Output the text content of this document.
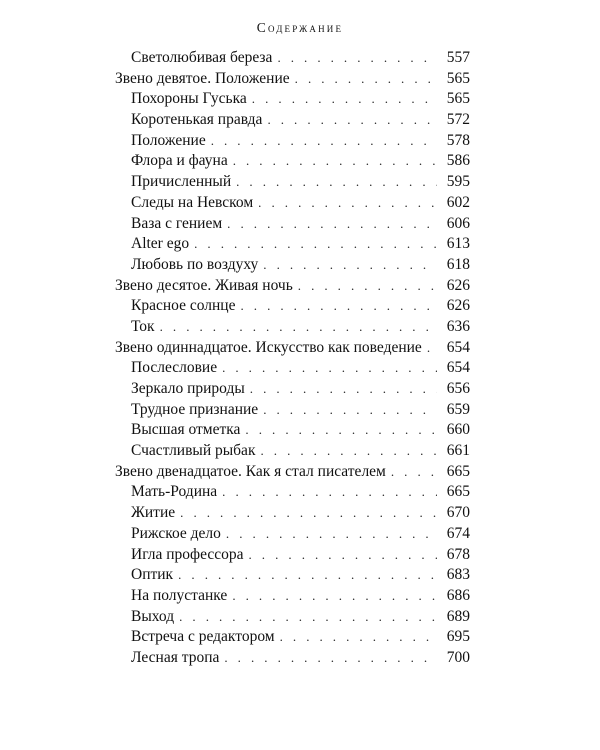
Содержание
Светолюбивая береза . . .	557
Звено девятое. Положение . . .	565
Похороны Гуська . . .	565
Коротенькая правда . . .	572
Положение . . .	578
Флора и фауна . . .	586
Причисленный . . .	595
Следы на Невском . . .	602
Ваза с гением . . .	606
Alter ego . . .	613
Любовь по воздуху . . .	618
Звено десятое. Живая ночь . . .	626
Красное солнце . . .	626
Ток . . .	636
Звено одиннадцатое. Искусство как поведение . . .	654
Послесловие . . .	654
Зеркало природы . . .	656
Трудное признание . . .	659
Высшая отметка . . .	660
Счастливый рыбак . . .	661
Звено двенадцатое. Как я стал писателем . . .	665
Мать-Родина . . .	665
Житие . . .	670
Рижское дело . . .	674
Игла профессора . . .	678
Оптик . . .	683
На полустанке . . .	686
Выход . . .	689
Встреча с редактором . . .	695
Лесная тропа . . .	700
